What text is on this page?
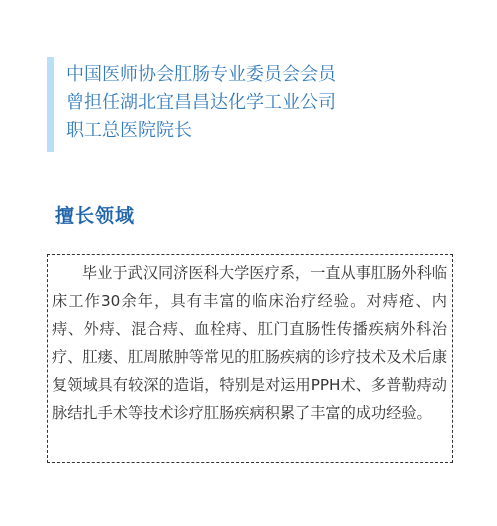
中国医师协会肛肠专业委员会会员
曾担任湖北宜昌昌达化学工业公司
职工总医院院长
擅长领域

毕业于武汉同济医科大学医疗系，一直从事肛肠外科临床工作30余年，具有丰富的临床治疗经验。对痔疮、内痔、外痔、混合痔、血栓痔、肛门直肠性传播疾病外科治疗、肛瘘、肛周脓肿等常见的肛肠疾病的诊疗技术及术后康复领域具有较深的造诣，特别是对运用PPH术、多普勒痔动脉结扎手术等技术诊疗肛肠疾病积累了丰富的成功经验。
